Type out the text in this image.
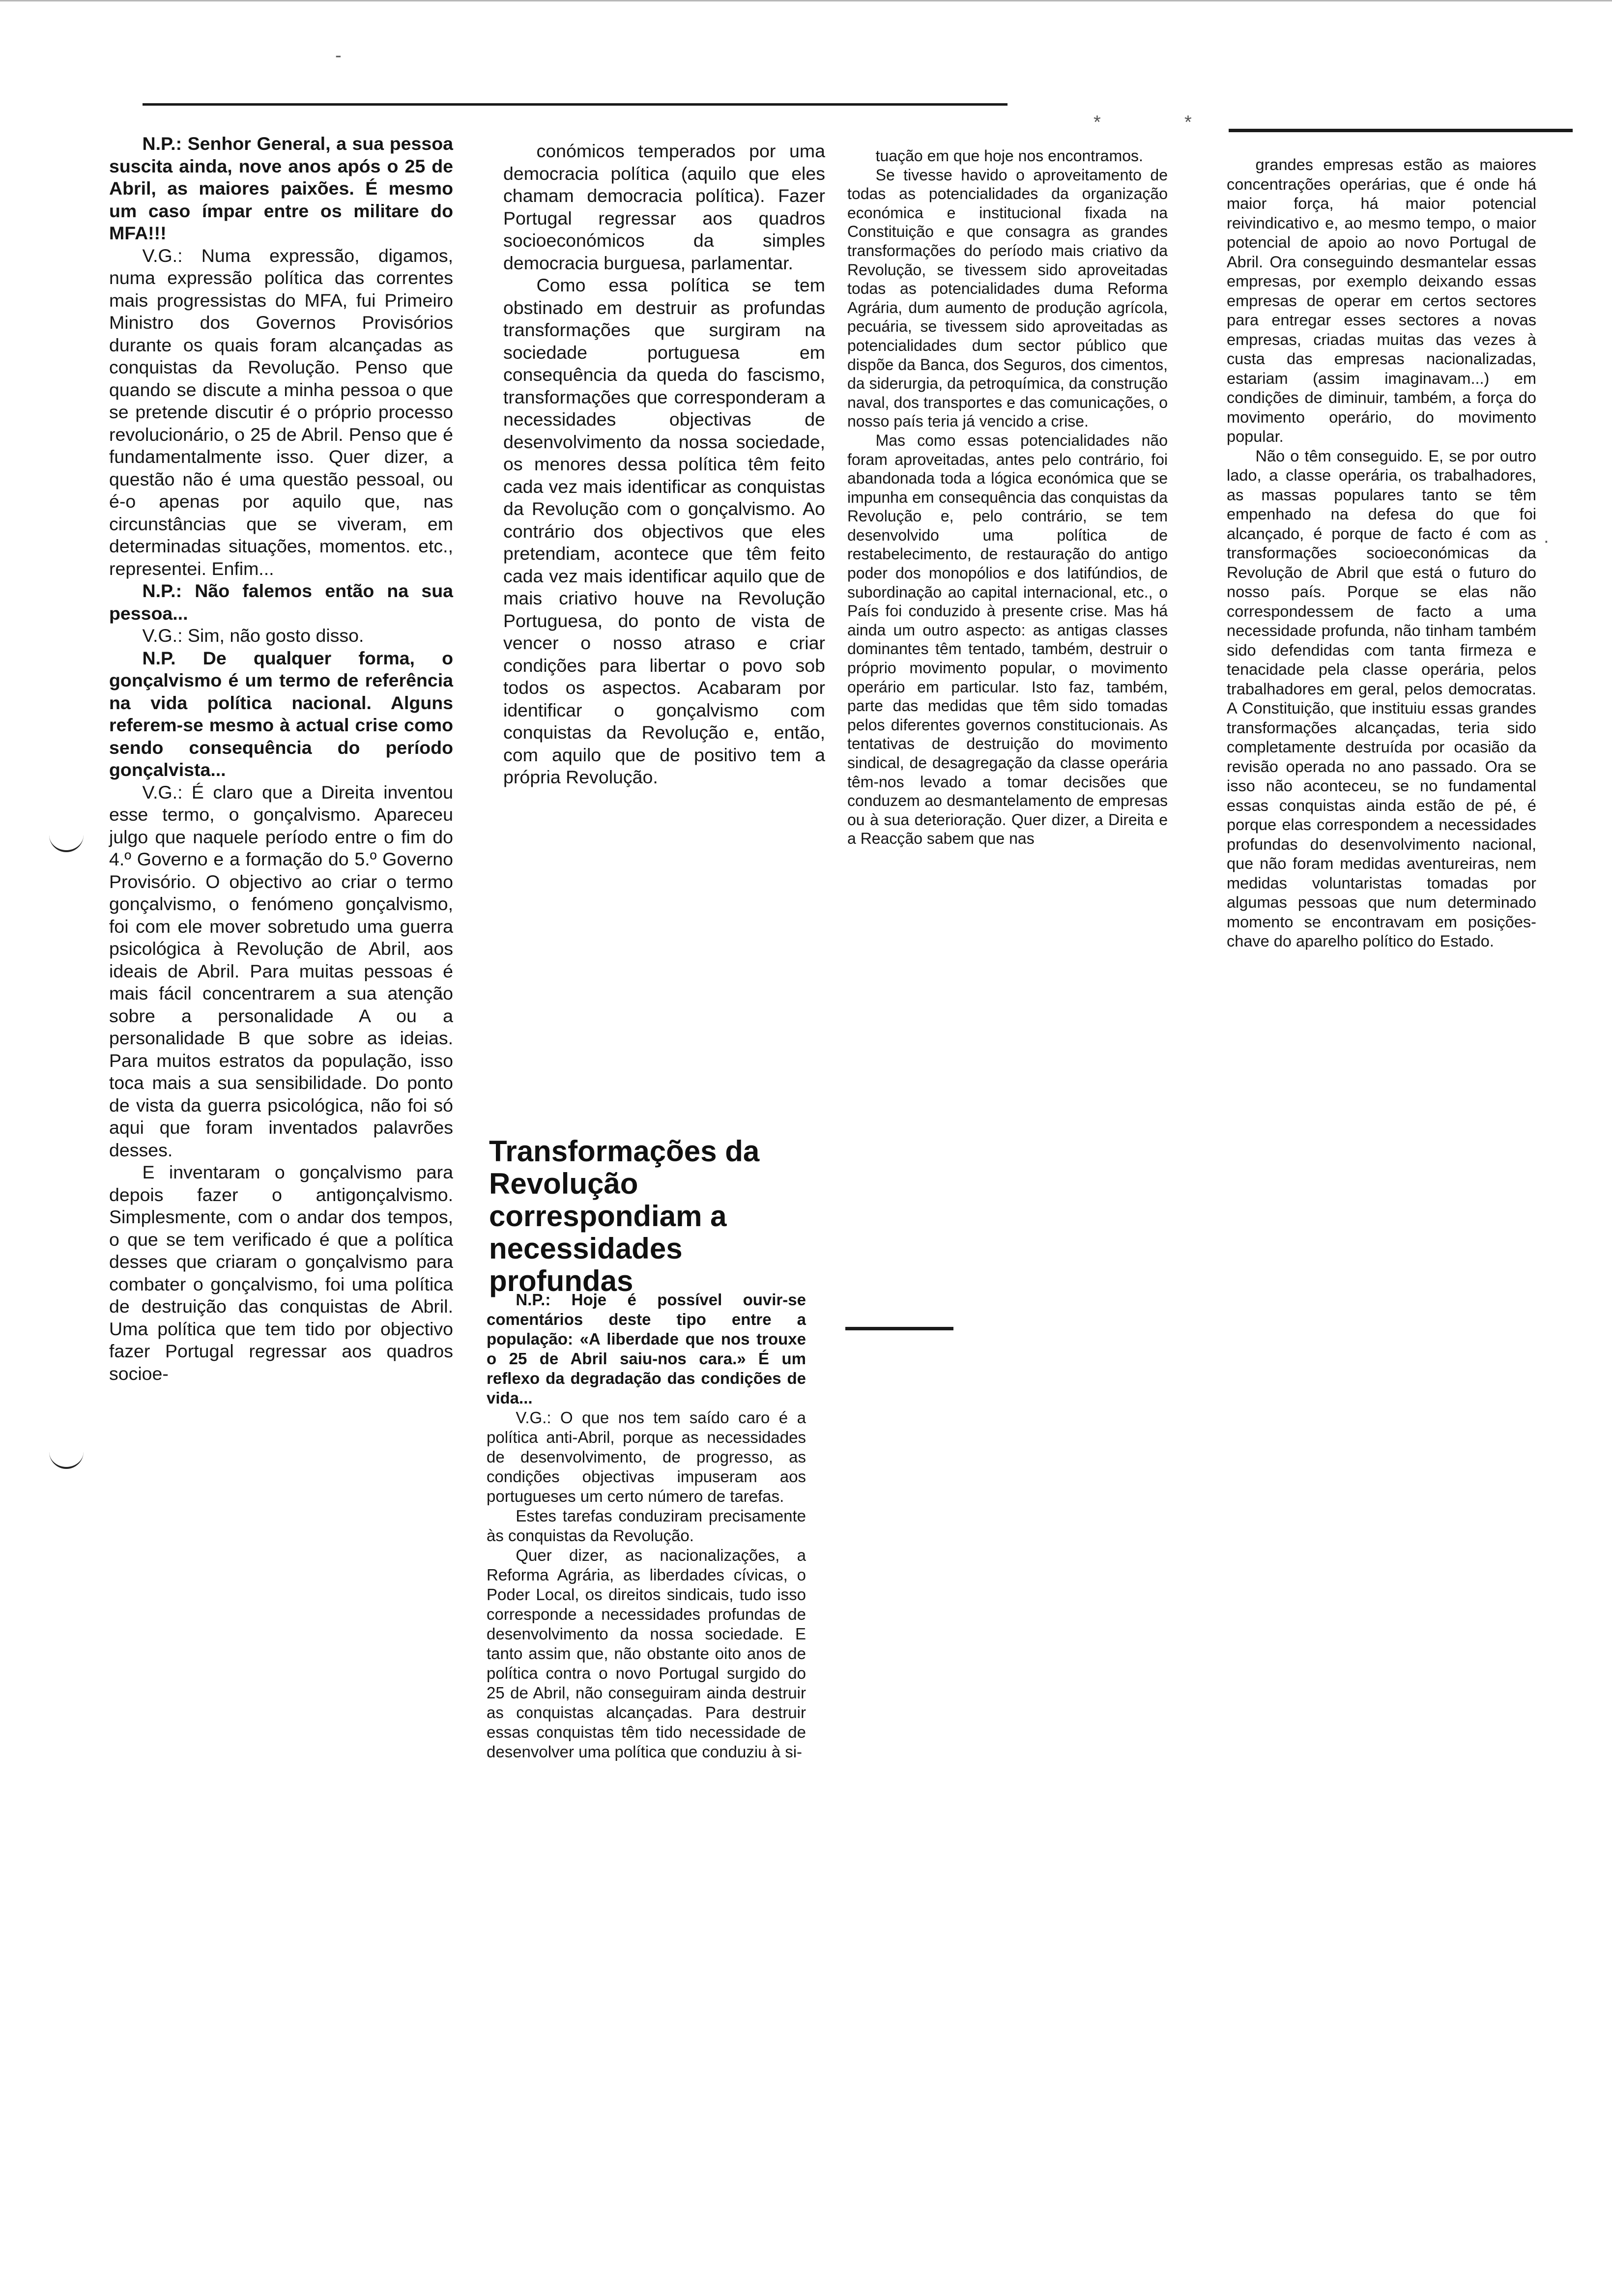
-
*	*
·

N.P.: Senhor General, a sua pessoa suscita ainda, nove anos após o 25 de Abril, as maiores paixões. É mesmo um caso ímpar entre os militare do MFA!!!

V.G.: Numa expressão, digamos, numa expressão política das correntes mais progressistas do MFA, fui Primeiro Ministro dos Governos Provisórios durante os quais foram alcançadas as conquistas da Revolução. Penso que quando se discute a minha pessoa o que se pretende discutir é o próprio processo revolucionário, o 25 de Abril. Penso que é fundamentalmente isso. Quer dizer, a questão não é uma questão pessoal, ou é-o apenas por aquilo que, nas circunstâncias que se viveram, em determinadas situações, momentos. etc., representei. Enfim...

N.P.: Não falemos então na sua pessoa...

V.G.: Sim, não gosto disso.

N.P. De qualquer forma, o gonçalvismo é um termo de referência na vida política nacional. Alguns referem-se mesmo à actual crise como sendo consequência do período gonçalvista...

V.G.: É claro que a Direita inventou esse termo, o gonçalvismo. Apareceu julgo que naquele período entre o fim do 4.º Governo e a formação do 5.º Governo Provisório. O objectivo ao criar o termo gonçalvismo, o fenómeno gonçalvismo, foi com ele mover sobretudo uma guerra psicológica à Revolução de Abril, aos ideais de Abril. Para muitas pessoas é mais fácil concentrarem a sua atenção sobre a personalidade A ou a personalidade B que sobre as ideias. Para muitos estratos da população, isso toca mais a sua sensibilidade. Do ponto de vista da guerra psicológica, não foi só aqui que foram inventados palavrões desses.

E inventaram o gonçalvismo para depois fazer o antigonçalvismo. Simplesmente, com o andar dos tempos, o que se tem verificado é que a política desses que criaram o gonçalvismo para combater o gonçalvismo, foi uma política de destruição das conquistas de Abril. Uma política que tem tido por objectivo fazer Portugal regressar aos quadros socioe-

conómicos temperados por uma democracia política (aquilo que eles chamam democracia política). Fazer Portugal regressar aos quadros socioeconómicos da simples democracia burguesa, parlamentar.

Como essa política se tem obstinado em destruir as profundas transformações que surgiram na sociedade portuguesa em consequência da queda do fascismo, transformações que corresponderam a necessidades objectivas de desenvolvimento da nossa sociedade, os menores dessa política têm feito cada vez mais identificar as conquistas da Revolução com o gonçalvismo. Ao contrário dos objectivos que eles pretendiam, acontece que têm feito cada vez mais identificar aquilo que de mais criativo houve na Revolução Portuguesa, do ponto de vista de vencer o nosso atraso e criar condições para libertar o povo sob todos os aspectos. Acabaram por identificar o gonçalvismo com conquistas da Revolução e, então, com aquilo que de positivo tem a própria Revolução.

Transformações da Revolução correspondiam a necessidades profundas

N.P.: Hoje é possível ouvir-se comentários deste tipo entre a população: «A liberdade que nos trouxe o 25 de Abril saiu-nos cara.» É um reflexo da degradação das condições de vida...

V.G.: O que nos tem saído caro é a política anti-Abril, porque as necessidades de desenvolvimento, de progresso, as condições objectivas impuseram aos portugueses um certo número de tarefas.

Estes tarefas conduziram precisamente às conquistas da Revolução.

Quer dizer, as nacionalizações, a Reforma Agrária, as liberdades cívicas, o Poder Local, os direitos sindicais, tudo isso corresponde a necessidades profundas de desenvolvimento da nossa sociedade. E tanto assim que, não obstante oito anos de política contra o novo Portugal surgido do 25 de Abril, não conseguiram ainda destruir as conquistas alcançadas. Para destruir essas conquistas têm tido necessidade de desenvolver uma política que conduziu à si-

tuação em que hoje nos encontramos.

Se tivesse havido o aproveitamento de todas as potencialidades da organização económica e institucional fixada na Constituição e que consagra as grandes transformações do período mais criativo da Revolução, se tivessem sido aproveitadas todas as potencialidades duma Reforma Agrária, dum aumento de produção agrícola, pecuária, se tivessem sido aproveitadas as potencialidades dum sector público que dispõe da Banca, dos Seguros, dos cimentos, da siderurgia, da petroquímica, da construção naval, dos transportes e das comunicações, o nosso país teria já vencido a crise.

Mas como essas potencialidades não foram aproveitadas, antes pelo contrário, foi abandonada toda a lógica económica que se impunha em consequência das conquistas da Revolução e, pelo contrário, se tem desenvolvido uma política de restabelecimento, de restauração do antigo poder dos monopólios e dos latifúndios, de subordinação ao capital internacional, etc., o País foi conduzido à presente crise. Mas há ainda um outro aspecto: as antigas classes dominantes têm tentado, também, destruir o próprio movimento popular, o movimento operário em particular. Isto faz, também, parte das medidas que têm sido tomadas pelos diferentes governos constitucionais. As tentativas de destruição do movimento sindical, de desagregação da classe operária têm-nos levado a tomar decisões que conduzem ao desmantelamento de empresas ou à sua deterioração. Quer dizer, a Direita e a Reacção sabem que nas

grandes empresas estão as maiores concentrações operárias, que é onde há maior força, há maior potencial reivindicativo e, ao mesmo tempo, o maior potencial de apoio ao novo Portugal de Abril. Ora conseguindo desmantelar essas empresas, por exemplo deixando essas empresas de operar em certos sectores para entregar esses sectores a novas empresas, criadas muitas das vezes à custa das empresas nacionalizadas, estariam (assim imaginavam...) em condições de diminuir, também, a força do movimento operário, do movimento popular.

Não o têm conseguido. E, se por outro lado, a classe operária, os trabalhadores, as massas populares tanto se têm empenhado na defesa do que foi alcançado, é porque de facto é com as transformações socioeconómicas da Revolução de Abril que está o futuro do nosso país. Porque se elas não correspondessem de facto a uma necessidade profunda, não tinham também sido defendidas com tanta firmeza e tenacidade pela classe operária, pelos trabalhadores em geral, pelos democratas. A Constituição, que instituiu essas grandes transformações alcançadas, teria sido completamente destruída por ocasião da revisão operada no ano passado. Ora se isso não aconteceu, se no fundamental essas conquistas ainda estão de pé, é porque elas correspondem a necessidades profundas do desenvolvimento nacional, que não foram medidas aventureiras, nem medidas voluntaristas tomadas por algumas pessoas que num determinado momento se encontravam em posições-chave do aparelho político do Estado.
